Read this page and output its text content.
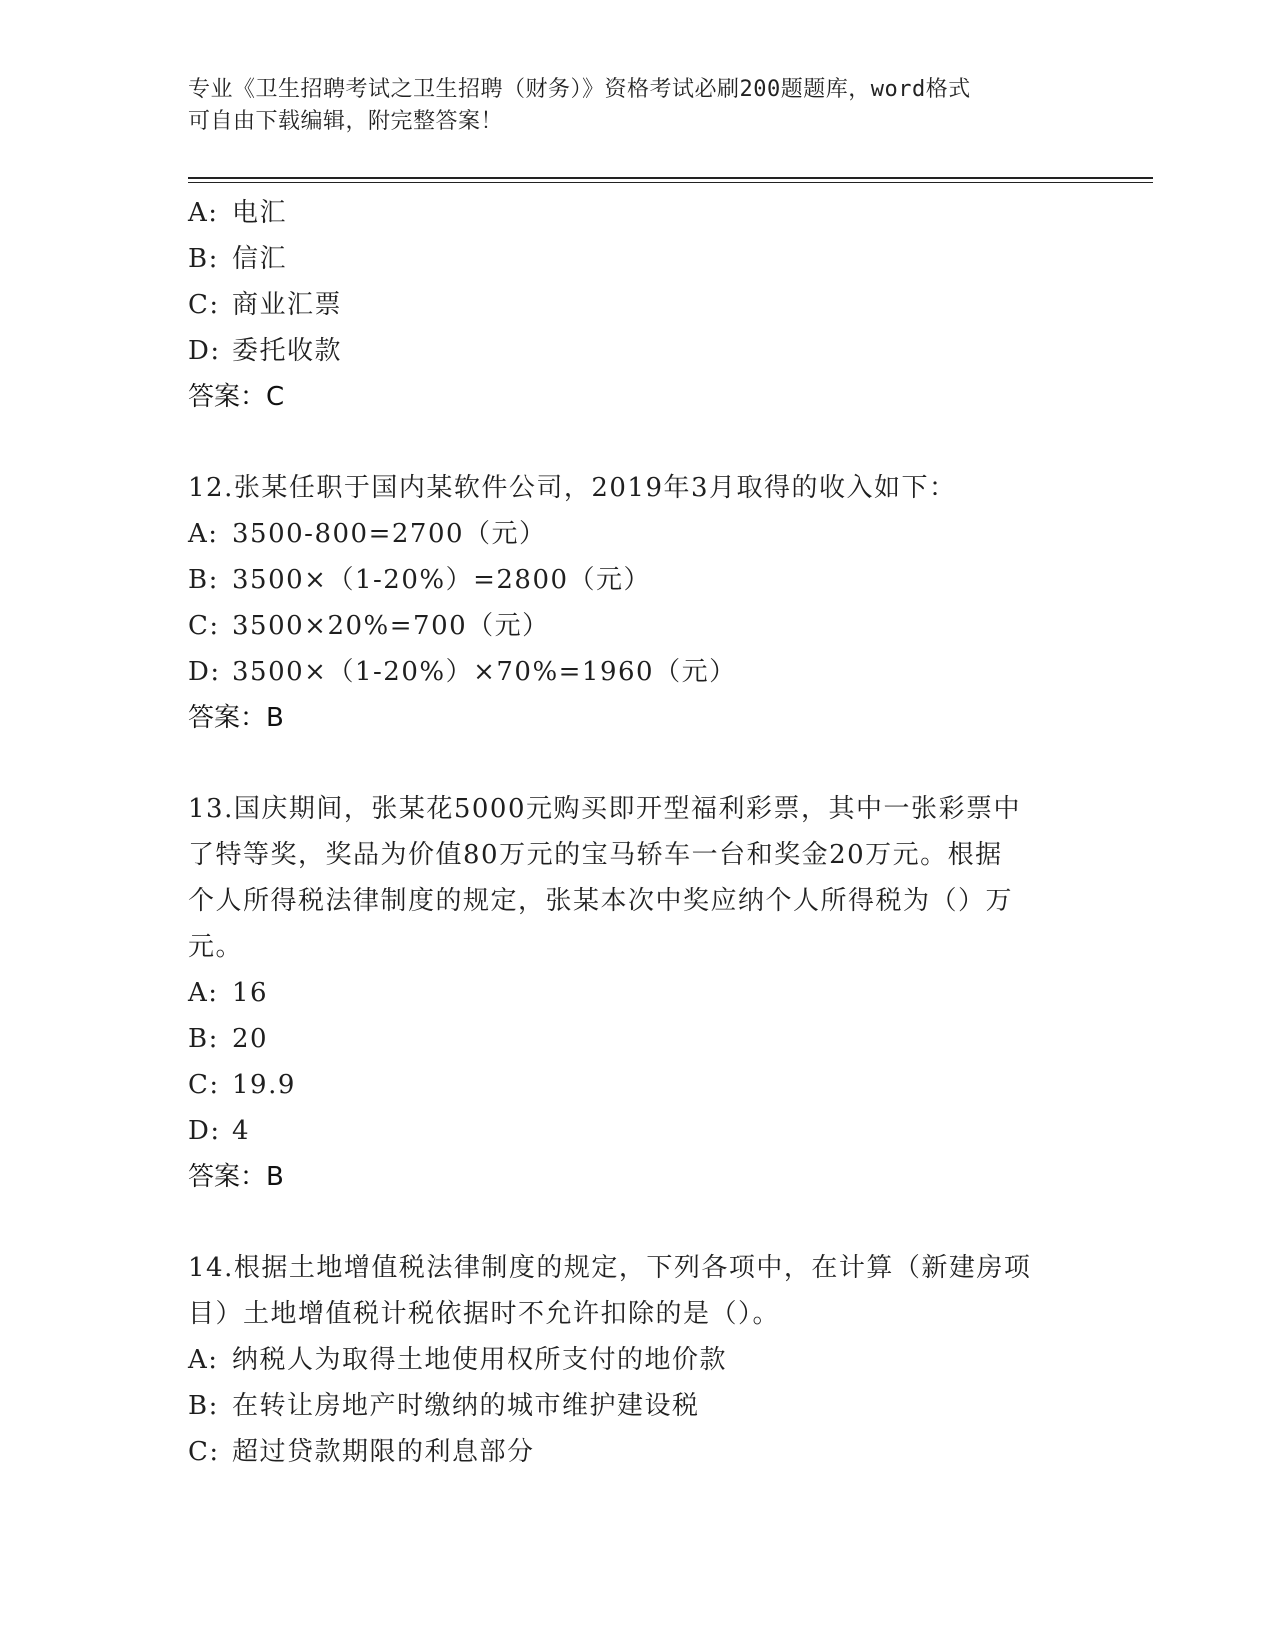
专业《卫生招聘考试之卫生招聘（财务）》资格考试必刷200题题库，word格式
可自由下载编辑，附完整答案！
A: 电汇
B: 信汇
C: 商业汇票
D: 委托收款
答案：C
12.张某任职于国内某软件公司，2019年3月取得的收入如下：
A: 3500-800=2700（元）
B: 3500×（1-20%）=2800（元）
C: 3500×20%=700（元）
D: 3500×（1-20%）×70%=1960（元）
答案：B
13.国庆期间，张某花5000元购买即开型福利彩票，其中一张彩票中
了特等奖，奖品为价值80万元的宝马轿车一台和奖金20万元。根据
个人所得税法律制度的规定，张某本次中奖应纳个人所得税为（）万
元。
A: 16
B: 20
C: 19.9
D: 4
答案：B
14.根据土地增值税法律制度的规定，下列各项中，在计算（新建房项
目）土地增值税计税依据时不允许扣除的是（）。
A: 纳税人为取得土地使用权所支付的地价款
B: 在转让房地产时缴纳的城市维护建设税
C: 超过贷款期限的利息部分
